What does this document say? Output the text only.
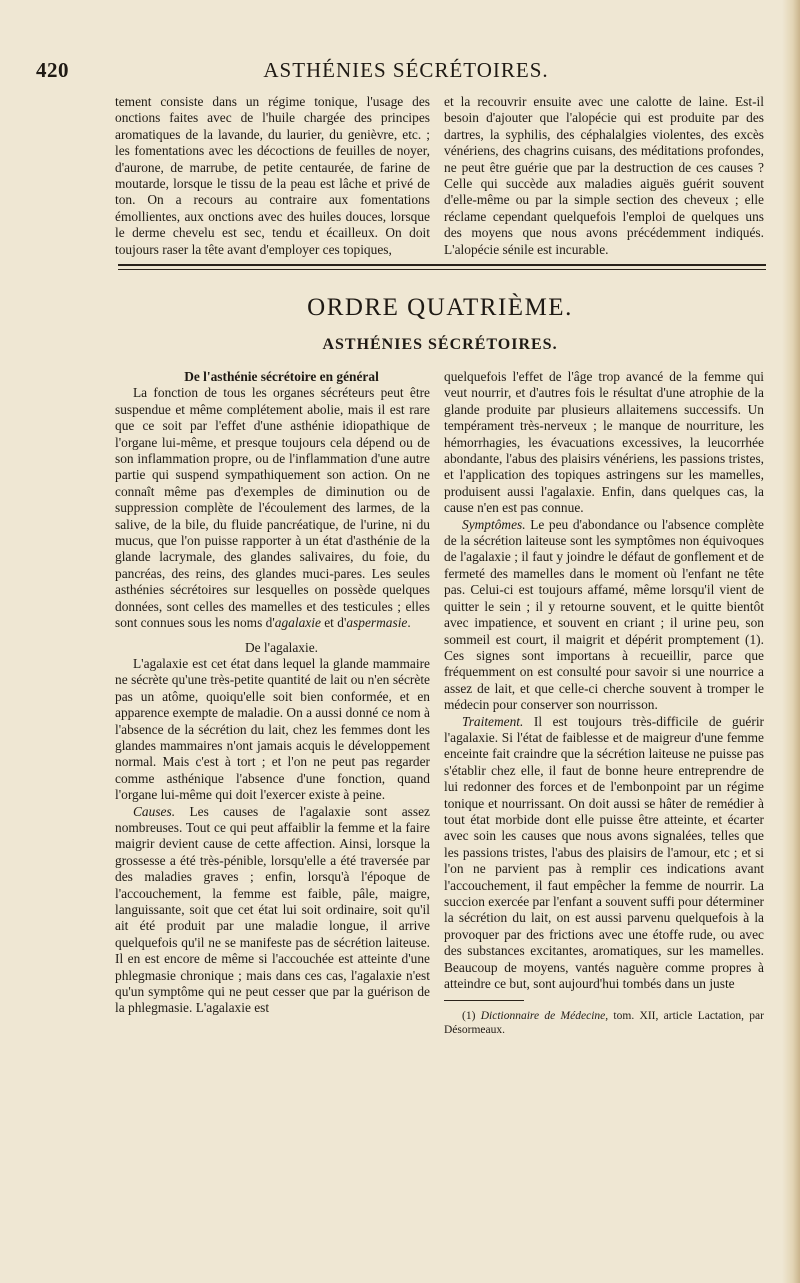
420	ASTHÉNIES SÉCRÉTOIRES.

tement consiste dans un régime tonique, l'usage des onctions faites avec de l'huile chargée des principes aromatiques de la lavande, du laurier, du genièvre, etc. ; les fomentations avec les décoctions de feuilles de noyer, d'aurone, de marrube, de petite centaurée, de farine de moutarde, lorsque le tissu de la peau est lâche et privé de ton. On a recours au contraire aux fomentations émollientes, aux onctions avec des huiles douces, lorsque le derme chevelu est sec, tendu et écailleux. On doit toujours raser la tête avant d'employer ces topiques,

et la recouvrir ensuite avec une calotte de laine. Est-il besoin d'ajouter que l'alopécie qui est produite par des dartres, la syphilis, des céphalalgies violentes, des excès vénériens, des chagrins cuisans, des méditations profondes, ne peut être guérie que par la destruction de ces causes ? Celle qui succède aux maladies aiguës guérit souvent d'elle-même ou par la simple section des cheveux ; elle réclame cependant quelquefois l'emploi de quelques uns des moyens que nous avons précédemment indiqués. L'alopécie sénile est incurable.

ORDRE QUATRIÈME.
ASTHÉNIES SÉCRÉTOIRES.

De l'asthénie sécrétoire en général

La fonction de tous les organes sécréteurs peut être suspendue et même complétement abolie, mais il est rare que ce soit par l'effet d'une asthénie idiopathique de l'organe lui-même, et presque toujours cela dépend ou de son inflammation propre, ou de l'inflammation d'une autre partie qui suspend sympathiquement son action. On ne connaît même pas d'exemples de diminution ou de suppression complète de l'écoulement des larmes, de la salive, de la bile, du fluide pancréatique, de l'urine, ni du mucus, que l'on puisse rapporter à un état d'asthénie de la glande lacrymale, des glandes salivaires, du foie, du pancréas, des reins, des glandes muci-pares. Les seules asthénies sécrétoires sur lesquelles on possède quelques données, sont celles des mamelles et des testicules ; elles sont connues sous les noms d'agalaxie et d'aspermasie.

De l'agalaxie.

L'agalaxie est cet état dans lequel la glande mammaire ne sécrète qu'une très-petite quantité de lait ou n'en sécrète pas un atôme, quoiqu'elle soit bien conformée, et en apparence exempte de maladie. On a aussi donné ce nom à l'absence de la sécrétion du lait, chez les femmes dont les glandes mammaires n'ont jamais acquis le développement normal. Mais c'est à tort ; et l'on ne peut pas regarder comme asthénique l'absence d'une fonction, quand l'organe lui-même qui doit l'exercer existe à peine.

Causes. Les causes de l'agalaxie sont assez nombreuses. Tout ce qui peut affaiblir la femme et la faire maigrir devient cause de cette affection. Ainsi, lorsque la grossesse a été très-pénible, lorsqu'elle a été traversée par des maladies graves ; enfin, lorsqu'à l'époque de l'accouchement, la femme est faible, pâle, maigre, languissante, soit que cet état lui soit ordinaire, soit qu'il ait été produit par une maladie longue, il arrive quelquefois qu'il ne se manifeste pas de sécrétion laiteuse. Il en est encore de même si l'accouchée est atteinte d'une phlegmasie chronique ; mais dans ces cas, l'agalaxie n'est qu'un symptôme qui ne peut cesser que par la guérison de la phlegmasie. L'agalaxie est

quelquefois l'effet de l'âge trop avancé de la femme qui veut nourrir, et d'autres fois le résultat d'une atrophie de la glande produite par plusieurs allaitemens successifs. Un tempérament très-nerveux ; le manque de nourriture, les hémorrhagies, les évacuations excessives, la leucorrhée abondante, l'abus des plaisirs vénériens, les passions tristes, et l'application des topiques astringens sur les mamelles, produisent aussi l'agalaxie. Enfin, dans quelques cas, la cause n'en est pas connue.

Symptômes. Le peu d'abondance ou l'absence complète de la sécrétion laiteuse sont les symptômes non équivoques de l'agalaxie ; il faut y joindre le défaut de gonflement et de fermeté des mamelles dans le moment où l'enfant ne tête pas. Celui-ci est toujours affamé, même lorsqu'il vient de quitter le sein ; il y retourne souvent, et le quitte bientôt avec impatience, et souvent en criant ; il urine peu, son sommeil est court, il maigrit et dépérit promptement (1). Ces signes sont importans à recueillir, parce que fréquemment on est consulté pour savoir si une nourrice a assez de lait, et que celle-ci cherche souvent à tromper le médecin pour conserver son nourrisson.

Traitement. Il est toujours très-difficile de guérir l'agalaxie. Si l'état de faiblesse et de maigreur d'une femme enceinte fait craindre que la sécrétion laiteuse ne puisse pas s'établir chez elle, il faut de bonne heure entreprendre de lui redonner des forces et de l'embonpoint par un régime tonique et nourrissant. On doit aussi se hâter de remédier à tout état morbide dont elle puisse être atteinte, et écarter avec soin les causes que nous avons signalées, telles que les passions tristes, l'abus des plaisirs de l'amour, etc ; et si l'on ne parvient pas à remplir ces indications avant l'accouchement, il faut empêcher la femme de nourrir. La succion exercée par l'enfant a souvent suffi pour déterminer la sécrétion du lait, on est aussi parvenu quelquefois à la provoquer par des frictions avec une étoffe rude, ou avec des substances excitantes, aromatiques, sur les mamelles. Beaucoup de moyens, vantés naguère comme propres à atteindre ce but, sont aujourd'hui tombés dans un juste

(1) Dictionnaire de Médecine, tom. XII, article Lactation, par Désormeaux.
